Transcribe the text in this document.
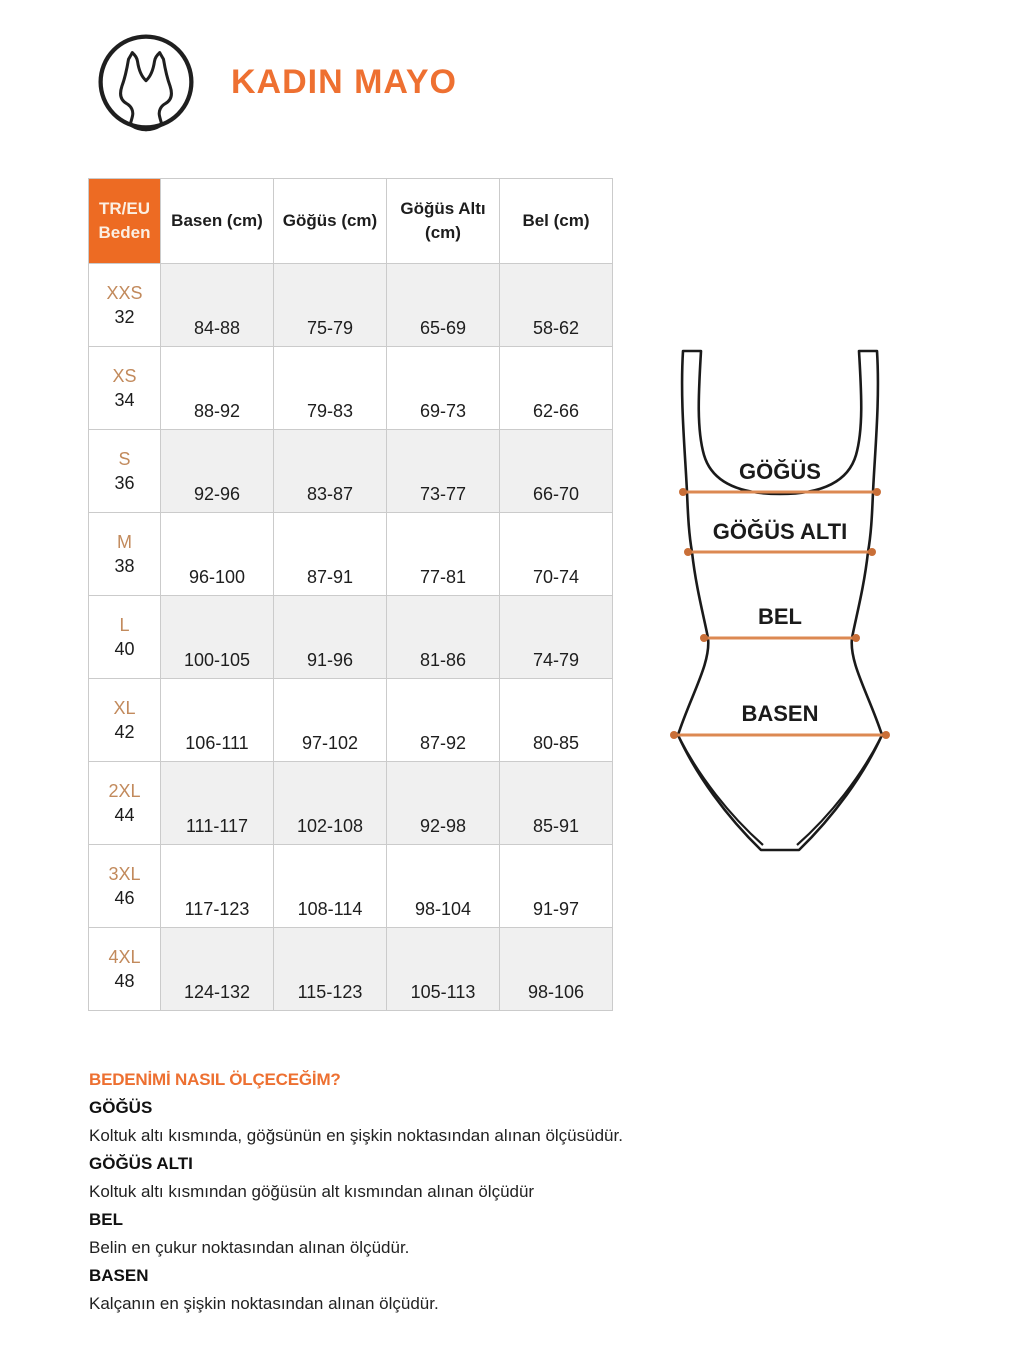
KADIN MAYO
TR/EU Beden	Basen (cm)	Göğüs (cm)	Göğüs Altı (cm)	Bel (cm)

XXS
32	84-88	75-79	65-69	58-62

XS
34	88-92	79-83	69-73	62-66

S
36	92-96	83-87	73-77	66-70

M
38	96-100	87-91	77-81	70-74

L
40	100-105	91-96	81-86	74-79

XL
42	106-111	97-102	87-92	80-85

2XL
44	111-117	102-108	92-98	85-91

3XL
46	117-123	108-114	98-104	91-97

4XL
48	124-132	115-123	105-113	98-106
GÖĞÜS
GÖĞÜS ALTI
BEL
BASEN
BEDENİMİ NASIL ÖLÇECEĞİM?
GÖĞÜS
Koltuk altı kısmında, göğsünün en şişkin noktasından alınan ölçüsüdür.
GÖĞÜS ALTI
Koltuk altı kısmından göğüsün alt kısmından alınan ölçüdür
BEL
Belin en çukur noktasından alınan ölçüdür.
BASEN
Kalçanın en şişkin noktasından alınan ölçüdür.
